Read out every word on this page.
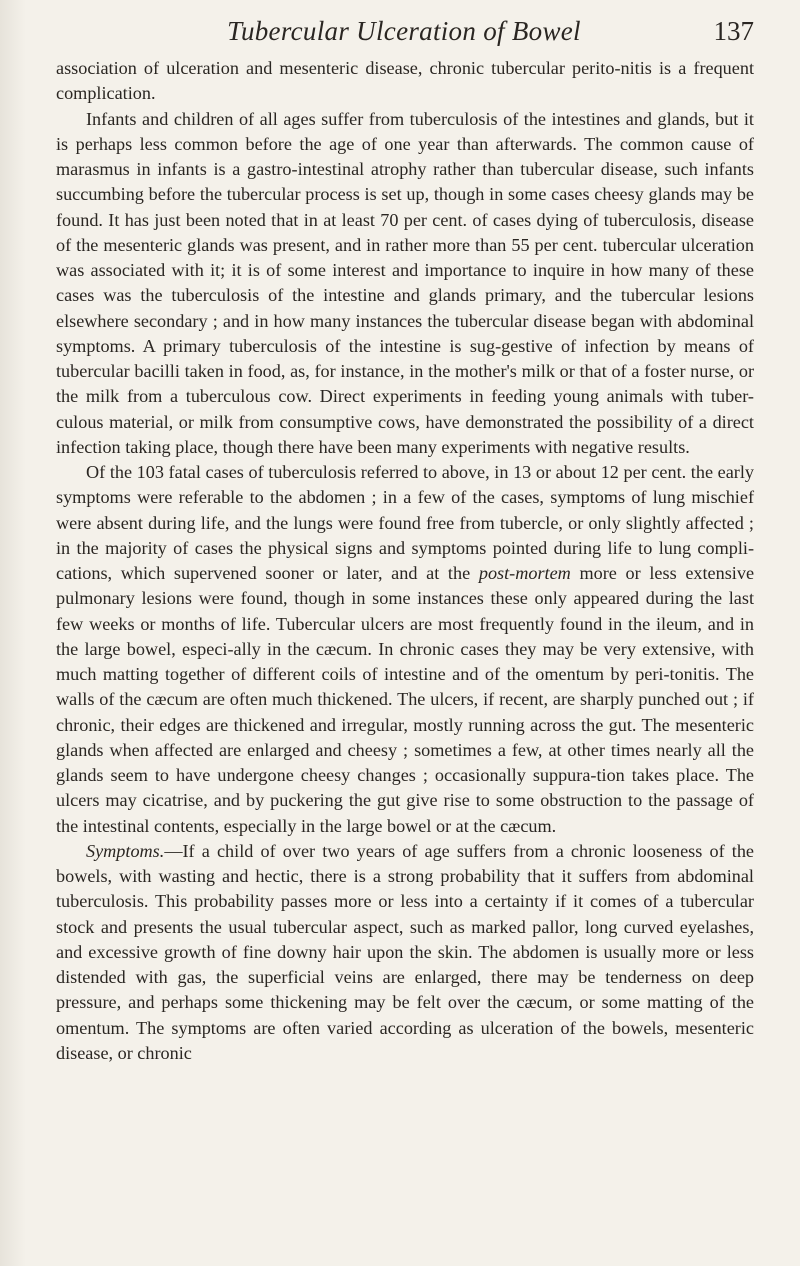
Tubercular Ulceration of Bowel	137

association of ulceration and mesenteric disease, chronic tubercular perito-nitis is a frequent complication.

Infants and children of all ages suffer from tuberculosis of the intestines and glands, but it is perhaps less common before the age of one year than afterwards. The common cause of marasmus in infants is a gastro-intestinal atrophy rather than tubercular disease, such infants succumbing before the tubercular process is set up, though in some cases cheesy glands may be found. It has just been noted that in at least 70 per cent. of cases dying of tuberculosis, disease of the mesenteric glands was present, and in rather more than 55 per cent. tubercular ulceration was associated with it; it is of some interest and importance to inquire in how many of these cases was the tuberculosis of the intestine and glands primary, and the tubercular lesions elsewhere secondary ; and in how many instances the tubercular disease began with abdominal symptoms. A primary tuberculosis of the intestine is sug-gestive of infection by means of tubercular bacilli taken in food, as, for instance, in the mother's milk or that of a foster nurse, or the milk from a tuberculous cow. Direct experiments in feeding young animals with tuber-culous material, or milk from consumptive cows, have demonstrated the possibility of a direct infection taking place, though there have been many experiments with negative results.

Of the 103 fatal cases of tuberculosis referred to above, in 13 or about 12 per cent. the early symptoms were referable to the abdomen ; in a few of the cases, symptoms of lung mischief were absent during life, and the lungs were found free from tubercle, or only slightly affected ; in the majority of cases the physical signs and symptoms pointed during life to lung compli-cations, which supervened sooner or later, and at the post-mortem more or less extensive pulmonary lesions were found, though in some instances these only appeared during the last few weeks or months of life. Tubercular ulcers are most frequently found in the ileum, and in the large bowel, especi-ally in the cæcum. In chronic cases they may be very extensive, with much matting together of different coils of intestine and of the omentum by peri-tonitis. The walls of the cæcum are often much thickened. The ulcers, if recent, are sharply punched out ; if chronic, their edges are thickened and irregular, mostly running across the gut. The mesenteric glands when affected are enlarged and cheesy ; sometimes a few, at other times nearly all the glands seem to have undergone cheesy changes ; occasionally suppura-tion takes place. The ulcers may cicatrise, and by puckering the gut give rise to some obstruction to the passage of the intestinal contents, especially in the large bowel or at the cæcum.

Symptoms.—If a child of over two years of age suffers from a chronic looseness of the bowels, with wasting and hectic, there is a strong probability that it suffers from abdominal tuberculosis. This probability passes more or less into a certainty if it comes of a tubercular stock and presents the usual tubercular aspect, such as marked pallor, long curved eyelashes, and excessive growth of fine downy hair upon the skin. The abdomen is usually more or less distended with gas, the superficial veins are enlarged, there may be tenderness on deep pressure, and perhaps some thickening may be felt over the cæcum, or some matting of the omentum. The symptoms are often varied according as ulceration of the bowels, mesenteric disease, or chronic
